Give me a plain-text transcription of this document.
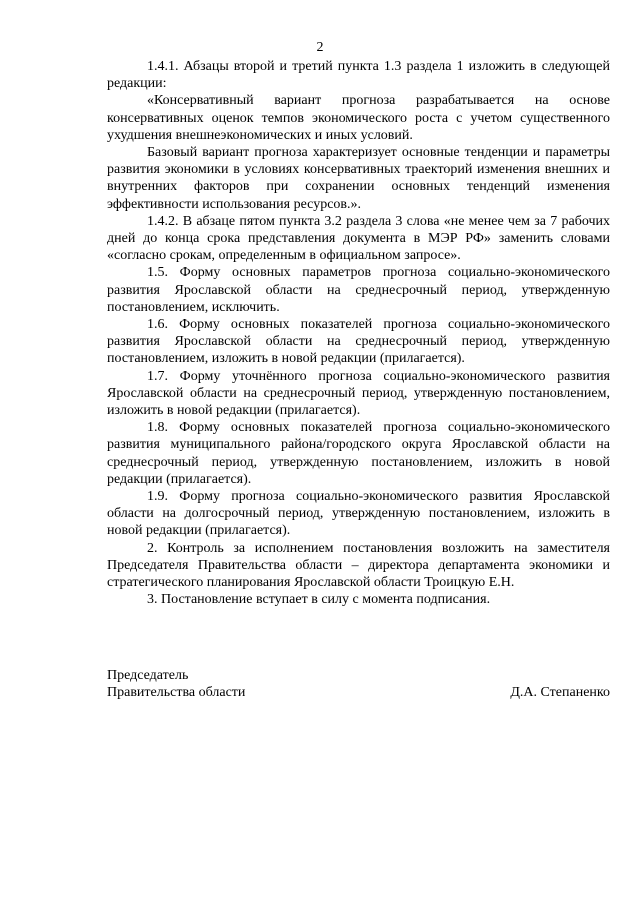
2

1.4.1. Абзацы второй и третий пункта 1.3 раздела 1 изложить в следующей редакции:

«Консервативный вариант прогноза разрабатывается на основе консервативных оценок темпов экономического роста с учетом существенного ухудшения внешнеэкономических и иных условий.

Базовый вариант прогноза характеризует основные тенденции и параметры развития экономики в условиях консервативных траекторий изменения внешних и внутренних факторов при сохранении основных тенденций изменения эффективности использования ресурсов.».

1.4.2. В абзаце пятом пункта 3.2 раздела 3 слова «не менее чем за 7 рабочих дней до конца срока представления документа в МЭР РФ» заменить словами «согласно срокам, определенным в официальном запросе».

1.5. Форму основных параметров прогноза социально-экономического развития Ярославской области на среднесрочный период, утвержденную постановлением, исключить.

1.6. Форму основных показателей прогноза социально-экономического развития Ярославской области на среднесрочный период, утвержденную постановлением, изложить в новой редакции (прилагается).

1.7. Форму уточнённого прогноза социально-экономического развития Ярославской области на среднесрочный период, утвержденную постановлением, изложить в новой редакции (прилагается).

1.8. Форму основных показателей прогноза социально-экономического развития муниципального района/городского округа Ярославской области на среднесрочный период, утвержденную постановлением, изложить в новой редакции (прилагается).

1.9. Форму прогноза социально-экономического развития Ярославской области на долгосрочный период, утвержденную постановлением, изложить в новой редакции (прилагается).

2. Контроль за исполнением постановления возложить на заместителя Председателя Правительства области – директора департамента экономики и стратегического планирования Ярославской области Троицкую Е.Н.

3. Постановление вступает в силу с момента подписания.

Председатель
Правительства области	Д.А. Степаненко
